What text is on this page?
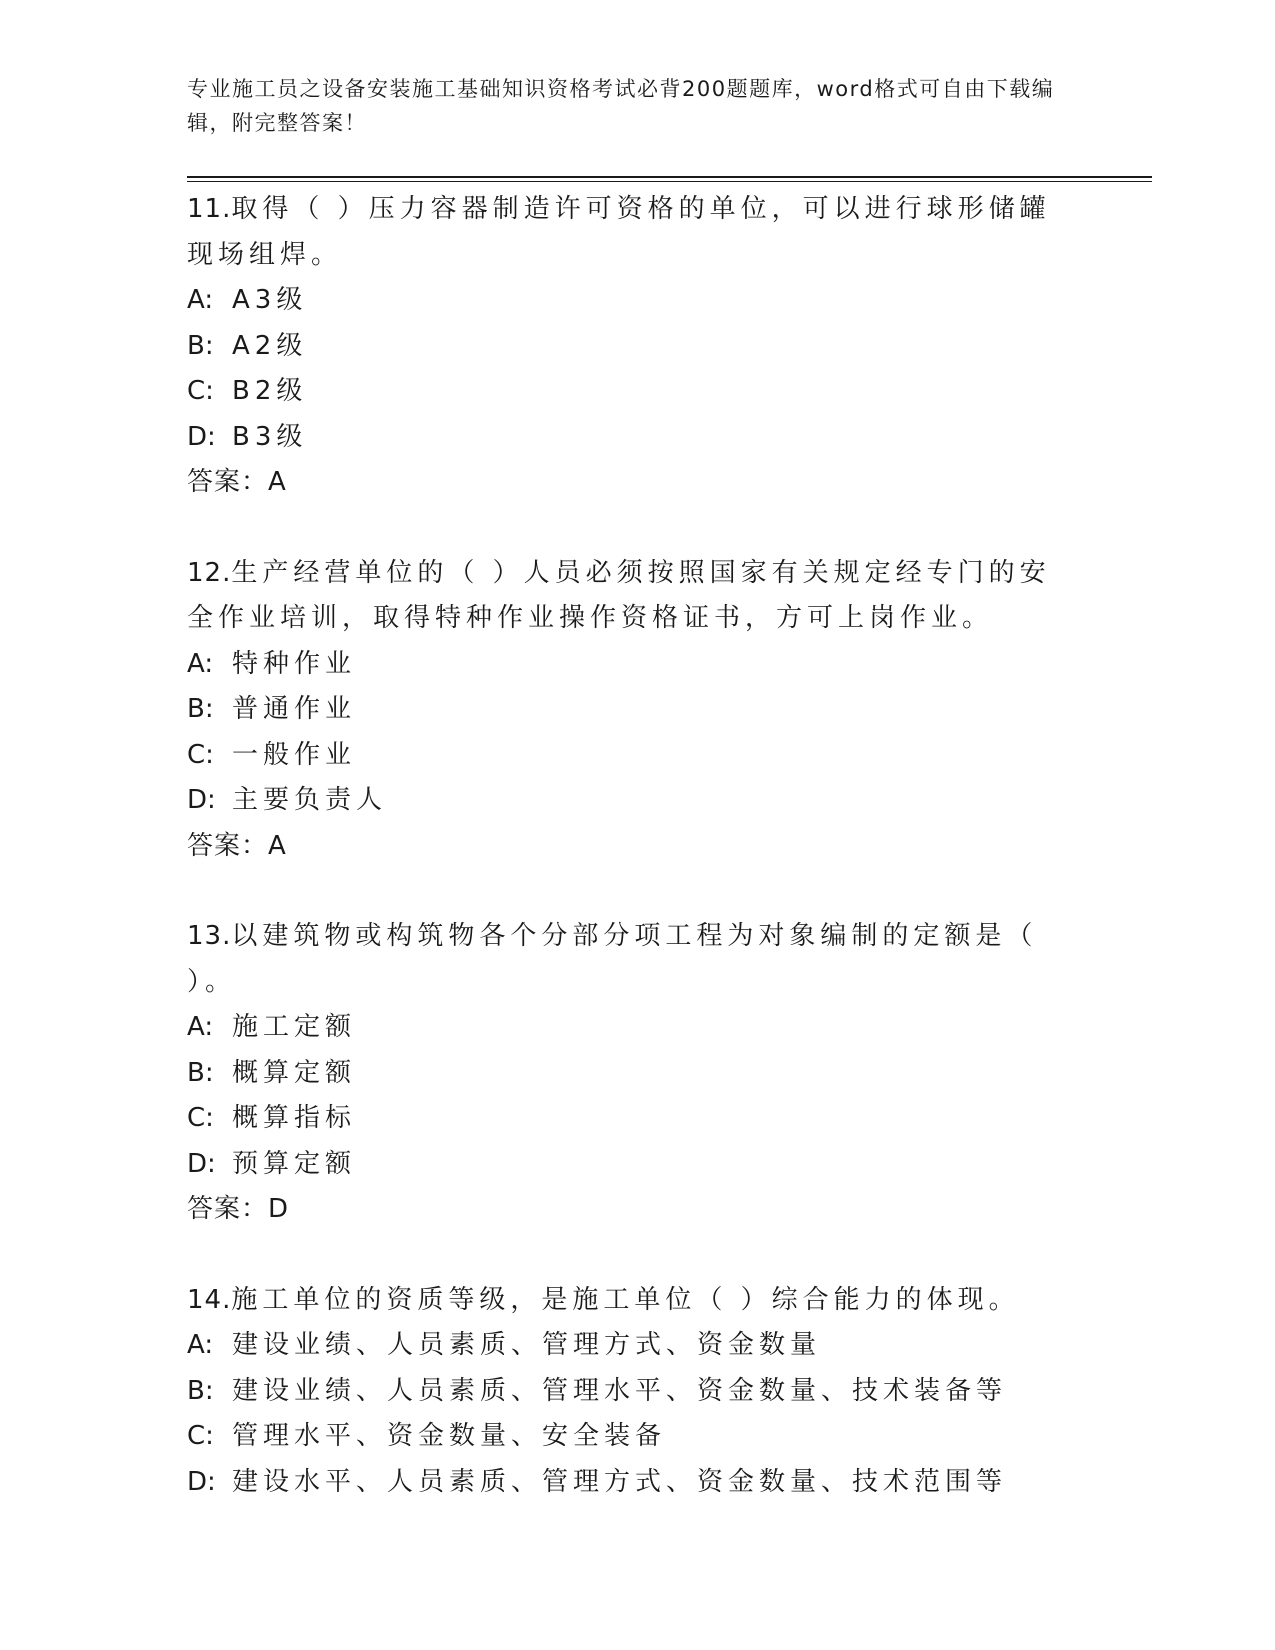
专业施工员之设备安装施工基础知识资格考试必背200题题库，word格式可自由下载编辑，附完整答案！

11.取得（ ）压力容器制造许可资格的单位，可以进行球形储罐现场组焊。

A: A3级

B: A2级

C: B2级

D: B3级

答案：A

12.生产经营单位的（ ）人员必须按照国家有关规定经专门的安全作业培训，取得特种作业操作资格证书，方可上岗作业。

A: 特种作业

B: 普通作业

C: 一般作业

D: 主要负责人

答案：A

13.以建筑物或构筑物各个分部分项工程为对象编制的定额是（ ）。

A: 施工定额

B: 概算定额

C: 概算指标

D: 预算定额

答案：D

14.施工单位的资质等级，是施工单位（ ）综合能力的体现。

A: 建设业绩、人员素质、管理方式、资金数量

B: 建设业绩、人员素质、管理水平、资金数量、技术装备等

C: 管理水平、资金数量、安全装备

D: 建设水平、人员素质、管理方式、资金数量、技术范围等
